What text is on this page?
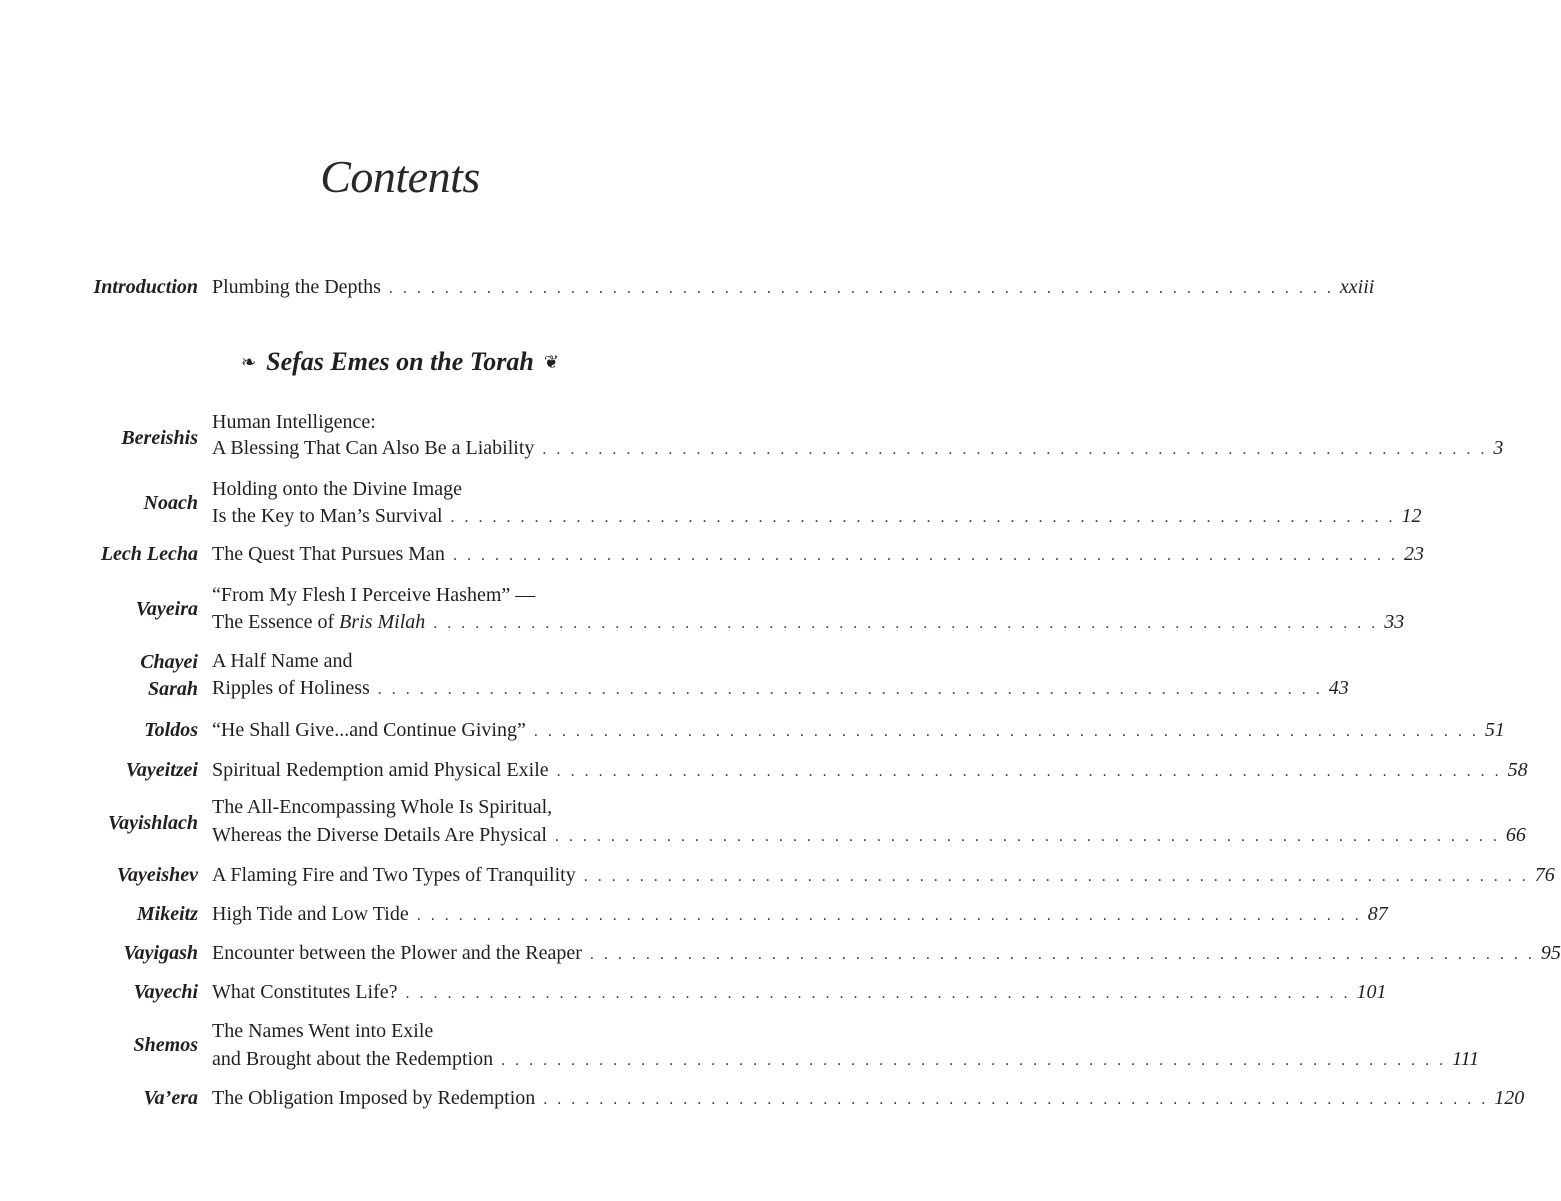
Contents
Introduction Plumbing the Depths . . . . . . . . . . . . . . . . . . . . . . . . . . . . . . . . . . . . . . . . . . . . . . . . . . . . . . . . . . . . . . . . . . . . xxiii
❧ Sefas Emes on the Torah ❦
Bereishis
Human Intelligence:
A Blessing That Can Also Be a Liability . . . . . . . . . . . . . . . . . . . . . . . . . . . . . . . . . . . . . . . . . . . . . . . . . . . . . . . . . . . . . . . . . . . . 3
Noach
Holding onto the Divine Image
Is the Key to Man’s Survival . . . . . . . . . . . . . . . . . . . . . . . . . . . . . . . . . . . . . . . . . . . . . . . . . . . . . . . . . . . . . . . . . . . . 12
Lech Lecha The Quest That Pursues Man . . . . . . . . . . . . . . . . . . . . . . . . . . . . . . . . . . . . . . . . . . . . . . . . . . . . . . . . . . . . . . . . . . . . 23
Vayeira
“From My Flesh I Perceive Hashem” —
The Essence of Bris Milah . . . . . . . . . . . . . . . . . . . . . . . . . . . . . . . . . . . . . . . . . . . . . . . . . . . . . . . . . . . . . . . . . . . . 33
Chayei
Sarah
A Half Name and
Ripples of Holiness . . . . . . . . . . . . . . . . . . . . . . . . . . . . . . . . . . . . . . . . . . . . . . . . . . . . . . . . . . . . . . . . . . . . 43
Toldos “He Shall Give...and Continue Giving” . . . . . . . . . . . . . . . . . . . . . . . . . . . . . . . . . . . . . . . . . . . . . . . . . . . . . . . . . . . . . . . . . . . . 51
Vayeitzei Spiritual Redemption amid Physical Exile . . . . . . . . . . . . . . . . . . . . . . . . . . . . . . . . . . . . . . . . . . . . . . . . . . . . . . . . . . . . . . . . . . . . 58
Vayishlach
The All-Encompassing Whole Is Spiritual,
Whereas the Diverse Details Are Physical . . . . . . . . . . . . . . . . . . . . . . . . . . . . . . . . . . . . . . . . . . . . . . . . . . . . . . . . . . . . . . . . . . . . 66
Vayeishev A Flaming Fire and Two Types of Tranquility . . . . . . . . . . . . . . . . . . . . . . . . . . . . . . . . . . . . . . . . . . . . . . . . . . . . . . . . . . . . . . . . . . . . 76
Mikeitz High Tide and Low Tide . . . . . . . . . . . . . . . . . . . . . . . . . . . . . . . . . . . . . . . . . . . . . . . . . . . . . . . . . . . . . . . . . . . . 87
Vayigash Encounter between the Plower and the Reaper . . . . . . . . . . . . . . . . . . . . . . . . . . . . . . . . . . . . . . . . . . . . . . . . . . . . . . . . . . . . . . . . . . . . 95
Vayechi What Constitutes Life? . . . . . . . . . . . . . . . . . . . . . . . . . . . . . . . . . . . . . . . . . . . . . . . . . . . . . . . . . . . . . . . . . . . . 101
Shemos
The Names Went into Exile
and Brought about the Redemption . . . . . . . . . . . . . . . . . . . . . . . . . . . . . . . . . . . . . . . . . . . . . . . . . . . . . . . . . . . . . . . . . . . . 111
Va’era The Obligation Imposed by Redemption . . . . . . . . . . . . . . . . . . . . . . . . . . . . . . . . . . . . . . . . . . . . . . . . . . . . . . . . . . . . . . . . . . . . 120
